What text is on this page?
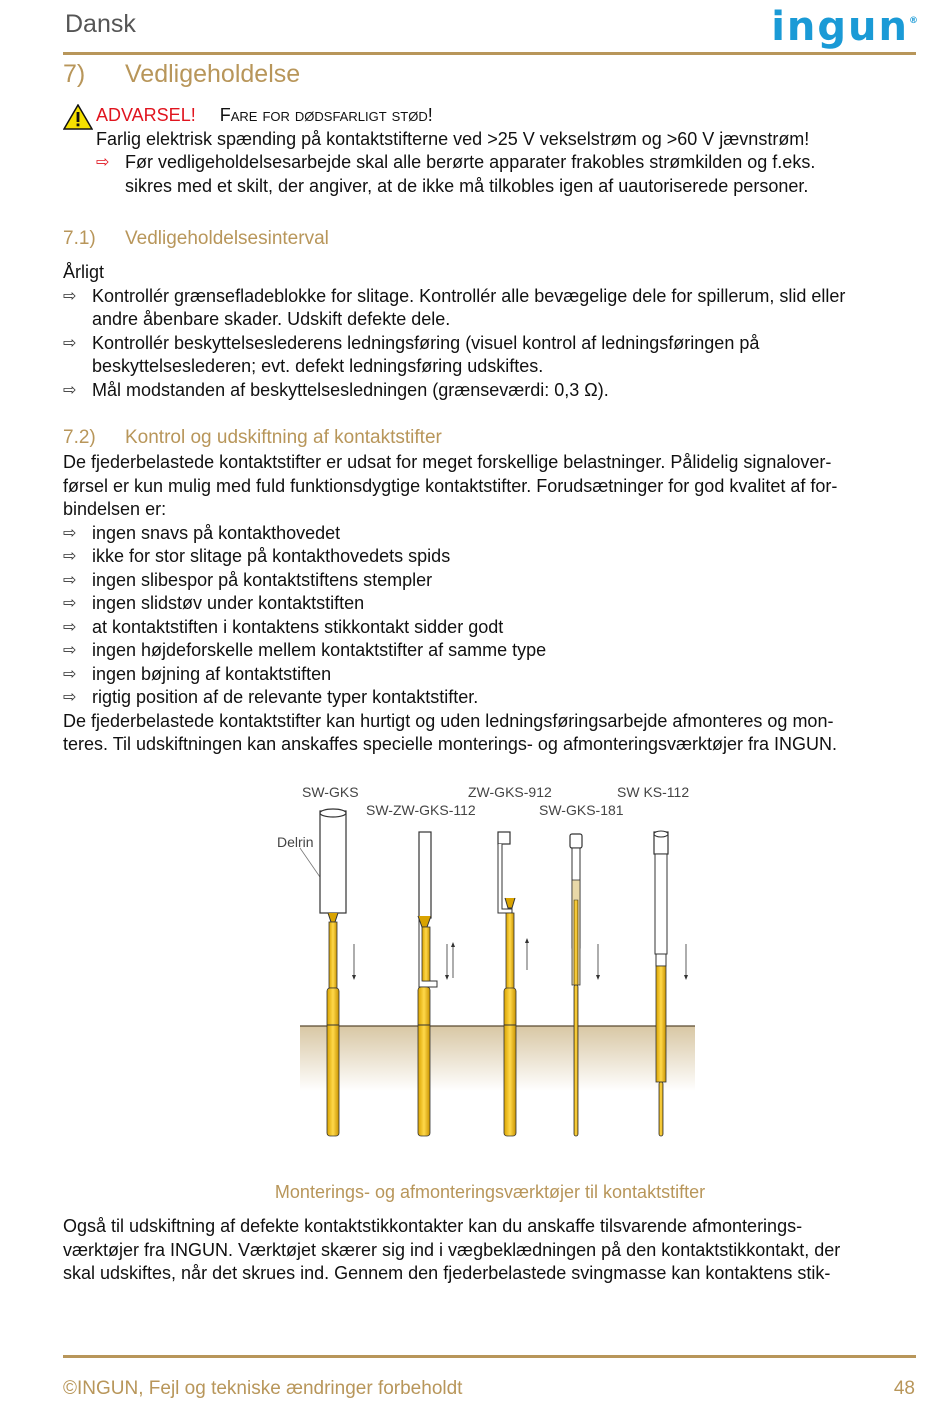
Dansk	ingun®
7) Vedligeholdelse
ADVARSEL! Fare for dødsfarligt stød!
Farlig elektrisk spænding på kontaktstifterne ved >25 V vekselstrøm og >60 V jævnstrøm!
⇨ Før vedligeholdelsesarbejde skal alle berørte apparater frakobles strømkilden og f.eks.
sikres med et skilt, der angiver, at de ikke må tilkobles igen af uautoriserede personer.
7.1) Vedligeholdelsesinterval
Årligt
⇨ Kontrollér grænsefladeblokke for slitage. Kontrollér alle bevægelige dele for spillerum, slid eller
andre åbenbare skader. Udskift defekte dele.
⇨ Kontrollér beskyttelseslederens ledningsføring (visuel kontrol af ledningsføringen på
beskyttelseslederen; evt. defekt ledningsføring udskiftes.
⇨ Mål modstanden af beskyttelsesledningen (grænseværdi: 0,3 Ω).
7.2) Kontrol og udskiftning af kontaktstifter
De fjederbelastede kontaktstifter er udsat for meget forskellige belastninger. Pålidelig signalover-
førsel er kun mulig med fuld funktionsdygtige kontaktstifter. Forudsætninger for god kvalitet af for-
bindelsen er:
⇨ ingen snavs på kontakthovedet
⇨ ikke for stor slitage på kontakthovedets spids
⇨ ingen slibespor på kontaktstiftens stempler
⇨ ingen slidstøv under kontaktstiften
⇨ at kontaktstiften i kontaktens stikkontakt sidder godt
⇨ ingen højdeforskelle mellem kontaktstifter af samme type
⇨ ingen bøjning af kontaktstiften
⇨ rigtig position af de relevante typer kontaktstifter.
De fjederbelastede kontaktstifter kan hurtigt og uden ledningsføringsarbejde afmonteres og mon-
teres. Til udskiftningen kan anskaffes specielle monterings- og afmonteringsværktøjer fra INGUN.
SW-GKS
SW-ZW-GKS-112
ZW-GKS-912
SW-GKS-181
SW KS-112
Delrin
Monterings- og afmonteringsværktøjer til kontaktstifter
Også til udskiftning af defekte kontaktstikkontakter kan du anskaffe tilsvarende afmonterings-
værktøjer fra INGUN. Værktøjet skærer sig ind i vægbeklædningen på den kontaktstikkontakt, der
skal udskiftes, når det skrues ind. Gennem den fjederbelastede svingmasse kan kontaktens stik-
©INGUN, Fejl og tekniske ændringer forbeholdt	48
